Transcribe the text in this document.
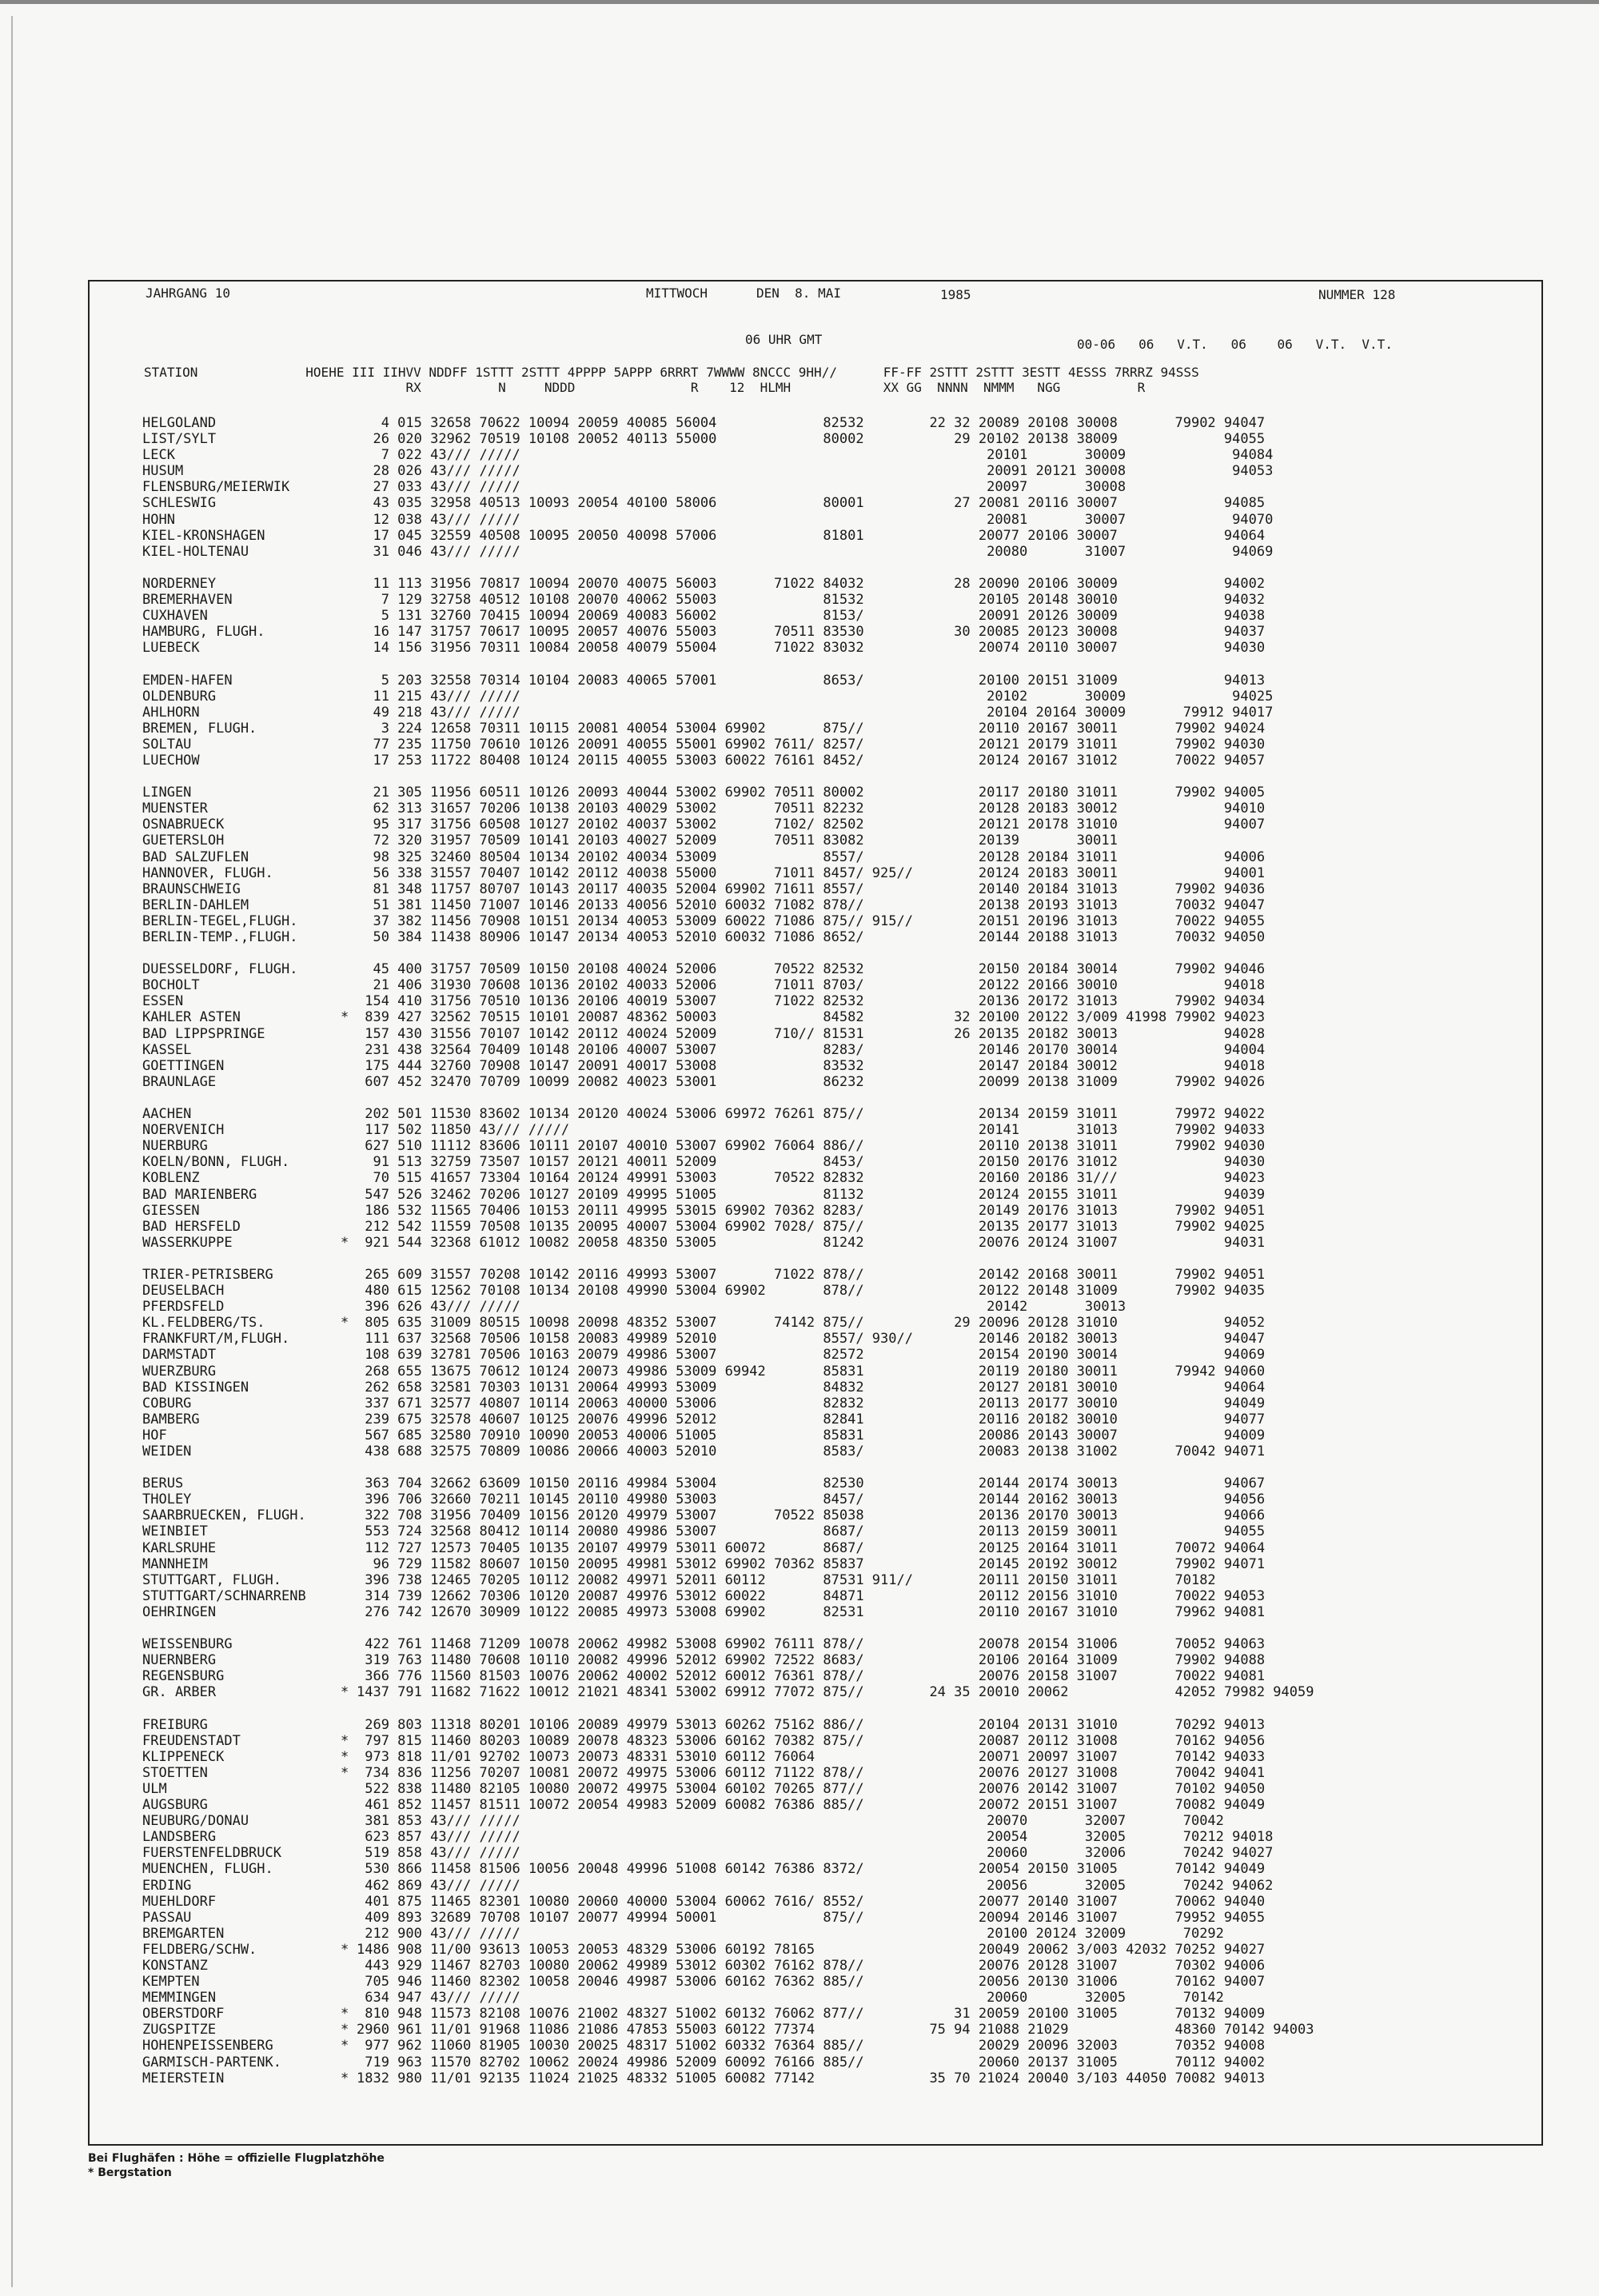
JAHRGANG 10	MITTWOCH	DEN  8. MAI	1985	NUMMER 128
06 UHR GMT	00-06   06   V.T.   06    06   V.T.  V.T.
STATION              HOEHE III IIHVV NDDFF 1STTT 2STTT 4PPPP 5APPP 6RRRT 7WWWW 8NCCC 9HH//      FF-FF 2STTT 2STTT 3ESTT 4ESSS 7RRRZ 94SSS
RX          N     NDDD               R    12  HLMH            XX GG  NNNN  NMMM   NGG          R
HELGOLAND	4 015 32658 70622 10094 20059 40085 56004             82532        22 32 20089 20108 30008       79902 94047
LIST/SYLT	26 020 32962 70519 10108 20052 40113 55000             80002           29 20102 20138 38009             94055
LECK	7 022 43/// /////                                                         20101       30009             94084
HUSUM	28 026 43/// /////                                                         20091 20121 30008             94053
FLENSBURG/MEIERWIK	27 033 43/// /////                                                         20097       30008
SCHLESWIG	43 035 32958 40513 10093 20054 40100 58006             80001           27 20081 20116 30007             94085
HOHN	12 038 43/// /////                                                         20081       30007             94070
KIEL-KRONSHAGEN	17 045 32559 40508 10095 20050 40098 57006             81801              20077 20106 30007             94064
KIEL-HOLTENAU	31 046 43/// /////                                                         20080       31007             94069
NORDERNEY	11 113 31956 70817 10094 20070 40075 56003       71022 84032           28 20090 20106 30009             94002
BREMERHAVEN	7 129 32758 40512 10108 20070 40062 55003             81532              20105 20148 30010             94032
CUXHAVEN	5 131 32760 70415 10094 20069 40083 56002             8153/              20091 20126 30009             94038
HAMBURG, FLUGH.	16 147 31757 70617 10095 20057 40076 55003       70511 83530           30 20085 20123 30008             94037
LUEBECK	14 156 31956 70311 10084 20058 40079 55004       71022 83032              20074 20110 30007             94030
EMDEN-HAFEN	5 203 32558 70314 10104 20083 40065 57001             8653/              20100 20151 31009             94013
OLDENBURG	11 215 43/// /////                                                         20102       30009             94025
AHLHORN	49 218 43/// /////                                                         20104 20164 30009       79912 94017
BREMEN, FLUGH.	3 224 12658 70311 10115 20081 40054 53004 69902       875//              20110 20167 30011       79902 94024
SOLTAU	77 235 11750 70610 10126 20091 40055 55001 69902 7611/ 8257/              20121 20179 31011       79902 94030
LUECHOW	17 253 11722 80408 10124 20115 40055 53003 60022 76161 8452/              20124 20167 31012       70022 94057
LINGEN	21 305 11956 60511 10126 20093 40044 53002 69902 70511 80002              20117 20180 31011       79902 94005
MUENSTER	62 313 31657 70206 10138 20103 40029 53002       70511 82232              20128 20183 30012             94010
OSNABRUECK	95 317 31756 60508 10127 20102 40037 53002       7102/ 82502              20121 20178 31010             94007
GUETERSLOH	72 320 31957 70509 10141 20103 40027 52009       70511 83082              20139       30011
BAD SALZUFLEN	98 325 32460 80504 10134 20102 40034 53009             8557/              20128 20184 31011             94006
HANNOVER, FLUGH.	56 338 31557 70407 10142 20112 40038 55000       71011 8457/ 925//        20124 20183 30011             94001
BRAUNSCHWEIG	81 348 11757 80707 10143 20117 40035 52004 69902 71611 8557/              20140 20184 31013       79902 94036
BERLIN-DAHLEM	51 381 11450 71007 10146 20133 40056 52010 60032 71082 878//              20138 20193 31013       70032 94047
BERLIN-TEGEL,FLUGH.	37 382 11456 70908 10151 20134 40053 53009 60022 71086 875// 915//        20151 20196 31013       70022 94055
BERLIN-TEMP.,FLUGH.	50 384 11438 80906 10147 20134 40053 52010 60032 71086 8652/              20144 20188 31013       70032 94050
DUESSELDORF, FLUGH.	45 400 31757 70509 10150 20108 40024 52006       70522 82532              20150 20184 30014       79902 94046
BOCHOLT	21 406 31930 70608 10136 20102 40033 52006       71011 8703/              20122 20166 30010             94018
ESSEN	154 410 31756 70510 10136 20106 40019 53007       71022 82532              20136 20172 31013       79902 94034
KAHLER ASTEN	* 839 427 32562 70515 10101 20087 48362 50003             84582           32 20100 20122 3/009 41998 79902 94023
BAD LIPPSPRINGE	157 430 31556 70107 10142 20112 40024 52009       710// 81531           26 20135 20182 30013             94028
KASSEL	231 438 32564 70409 10148 20106 40007 53007             8283/              20146 20170 30014             94004
GOETTINGEN	175 444 32760 70908 10147 20091 40017 53008             83532              20147 20184 30012             94018
BRAUNLAGE	607 452 32470 70709 10099 20082 40023 53001             86232              20099 20138 31009       79902 94026
AACHEN	202 501 11530 83602 10134 20120 40024 53006 69972 76261 875//              20134 20159 31011       79972 94022
NOERVENICH	117 502 11850 43/// /////                                                  20141       31013       79902 94033
NUERBURG	627 510 11112 83606 10111 20107 40010 53007 69902 76064 886//              20110 20138 31011       79902 94030
KOELN/BONN, FLUGH.	91 513 32759 73507 10157 20121 40011 52009             8453/              20150 20176 31012             94030
KOBLENZ	70 515 41657 73304 10164 20124 49991 53003       70522 82832              20160 20186 31///             94023
BAD MARIENBERG	547 526 32462 70206 10127 20109 49995 51005             81132              20124 20155 31011             94039
GIESSEN	186 532 11565 70406 10153 20111 49995 53015 69902 70362 8283/              20149 20176 31013       79902 94051
BAD HERSFELD	212 542 11559 70508 10135 20095 40007 53004 69902 7028/ 875//              20135 20177 31013       79902 94025
WASSERKUPPE	* 921 544 32368 61012 10082 20058 48350 53005             81242              20076 20124 31007             94031
TRIER-PETRISBERG	265 609 31557 70208 10142 20116 49993 53007       71022 878//              20142 20168 30011       79902 94051
DEUSELBACH	480 615 12562 70108 10134 20108 49990 53004 69902       878//              20122 20148 31009       79902 94035
PFERDSFELD	396 626 43/// /////                                                         20142       30013
KL.FELDBERG/TS.	* 805 635 31009 80515 10098 20098 48352 53007       74142 875//           29 20096 20128 31010             94052
FRANKFURT/M,FLUGH.	111 637 32568 70506 10158 20083 49989 52010             8557/ 930//        20146 20182 30013             94047
DARMSTADT	108 639 32781 70506 10163 20079 49986 53007             82572              20154 20190 30014             94069
WUERZBURG	268 655 13675 70612 10124 20073 49986 53009 69942       85831              20119 20180 30011       79942 94060
BAD KISSINGEN	262 658 32581 70303 10131 20064 49993 53009             84832              20127 20181 30010             94064
COBURG	337 671 32577 40807 10114 20063 40000 53006             82832              20113 20177 30010             94049
BAMBERG	239 675 32578 40607 10125 20076 49996 52012             82841              20116 20182 30010             94077
HOF	567 685 32580 70910 10090 20053 40006 51005             85831              20086 20143 30007             94009
WEIDEN	438 688 32575 70809 10086 20066 40003 52010             8583/              20083 20138 31002       70042 94071
BERUS	363 704 32662 63609 10150 20116 49984 53004             82530              20144 20174 30013             94067
THOLEY	396 706 32660 70211 10145 20110 49980 53003             8457/              20144 20162 30013             94056
SAARBRUECKEN, FLUGH.	322 708 31956 70409 10156 20120 49979 53007       70522 85038              20136 20170 30013             94066
WEINBIET	553 724 32568 80412 10114 20080 49986 53007             8687/              20113 20159 30011             94055
KARLSRUHE	112 727 12573 70405 10135 20107 49979 53011 60072       8687/              20125 20164 31011       70072 94064
MANNHEIM	96 729 11582 80607 10150 20095 49981 53012 69902 70362 85837              20145 20192 30012       79902 94071
STUTTGART, FLUGH.	396 738 12465 70205 10112 20082 49971 52011 60112       87531 911//        20111 20150 31011       70182
STUTTGART/SCHNARRENB	314 739 12662 70306 10120 20087 49976 53012 60022       84871              20112 20156 31010       70022 94053
OEHRINGEN	276 742 12670 30909 10122 20085 49973 53008 69902       82531              20110 20167 31010       79962 94081
WEISSENBURG	422 761 11468 71209 10078 20062 49982 53008 69902 76111 878//              20078 20154 31006       70052 94063
NUERNBERG	319 763 11480 70608 10110 20082 49996 52012 69902 72522 8683/              20106 20164 31009       79902 94088
REGENSBURG	366 776 11560 81503 10076 20062 40002 52012 60012 76361 878//              20076 20158 31007       70022 94081
GR. ARBER	* 1437 791 11682 71622 10012 21021 48341 53002 69912 77072 875//        24 35 20010 20062             42052 79982 94059
FREIBURG	269 803 11318 80201 10106 20089 49979 53013 60262 75162 886//              20104 20131 31010       70292 94013
FREUDENSTADT	* 797 815 11460 80203 10089 20078 48323 53006 60162 70382 875//              20087 20112 31008       70162 94056
KLIPPENECK	* 973 818 11/01 92702 10073 20073 48331 53010 60112 76064                    20071 20097 31007       70142 94033
STOETTEN	* 734 836 11256 70207 10081 20072 49975 53006 60112 71122 878//              20076 20127 31008       70042 94041
ULM	522 838 11480 82105 10080 20072 49975 53004 60102 70265 877//              20076 20142 31007       70102 94050
AUGSBURG	461 852 11457 81511 10072 20054 49983 52009 60082 76386 885//              20072 20151 31007       70082 94049
NEUBURG/DONAU	381 853 43/// /////                                                         20070       32007       70042
LANDSBERG	623 857 43/// /////                                                         20054       32005       70212 94018
FUERSTENFELDBRUCK	519 858 43/// /////                                                         20060       32006       70242 94027
MUENCHEN, FLUGH.	530 866 11458 81506 10056 20048 49996 51008 60142 76386 8372/              20054 20150 31005       70142 94049
ERDING	462 869 43/// /////                                                         20056       32005       70242 94062
MUEHLDORF	401 875 11465 82301 10080 20060 40000 53004 60062 7616/ 8552/              20077 20140 31007       70062 94040
PASSAU	409 893 32689 70708 10107 20077 49994 50001             875//              20094 20146 31007       79952 94055
BREMGARTEN	212 900 43/// /////                                                         20100 20124 32009       70292
FELDBERG/SCHW.	* 1486 908 11/00 93613 10053 20053 48329 53006 60192 78165                    20049 20062 3/003 42032 70252 94027
KONSTANZ	443 929 11467 82703 10080 20062 49989 53012 60302 76162 878//              20076 20128 31007       70302 94006
KEMPTEN	705 946 11460 82302 10058 20046 49987 53006 60162 76362 885//              20056 20130 31006       70162 94007
MEMMINGEN	634 947 43/// /////                                                         20060       32005       70142
OBERSTDORF	* 810 948 11573 82108 10076 21002 48327 51002 60132 76062 877//           31 20059 20100 31005       70132 94009
ZUGSPITZE	* 2960 961 11/01 91968 11086 21086 47853 55003 60122 77374              75 94 21088 21029             48360 70142 94003
HOHENPEISSENBERG	* 977 962 11060 81905 10030 20025 48317 51002 60332 76364 885//              20029 20096 32003       70352 94008
GARMISCH-PARTENK.	719 963 11570 82702 10062 20024 49986 52009 60092 76166 885//              20060 20137 31005       70112 94002
MEIERSTEIN	* 1832 980 11/01 92135 11024 21025 48332 51005 60082 77142              35 70 21024 20040 3/103 44050 70082 94013
Bei Flughäfen : Höhe = offizielle Flugplatzhöhe
* Bergstation
